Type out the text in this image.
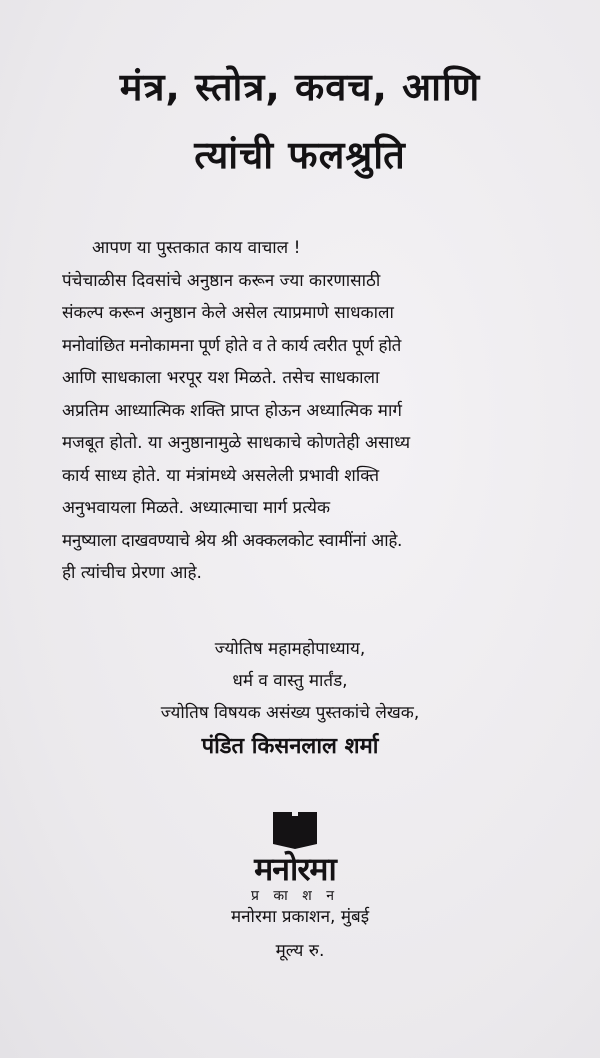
मंत्र, स्तोत्र, कवच, आणि
त्यांची फलश्रुति

आपण या पुस्तकात काय वाचाल !

पंचेचाळीस दिवसांचे अनुष्ठान करून ज्या कारणासाठी

संकल्प करून अनुष्ठान केले असेल त्याप्रमाणे साधकाला

मनोवांछित मनोकामना पूर्ण होते व ते कार्य त्वरीत पूर्ण होते

आणि साधकाला भरपूर यश मिळते. तसेच साधकाला

अप्रतिम आध्यात्मिक शक्ति प्राप्त होऊन अध्यात्मिक मार्ग

मजबूत होतो. या अनुष्ठानामुळे साधकाचे कोणतेही असाध्य

कार्य साध्य होते. या मंत्रांमध्ये असलेली प्रभावी शक्ति

अनुभवायला मिळते. अध्यात्माचा मार्ग प्रत्येक

मनुष्याला दाखवण्याचे श्रेय श्री अक्कलकोट स्वामींनां आहे.

ही त्यांचीच प्रेरणा आहे.

ज्योतिष महामहोपाध्याय,
धर्म व वास्तु मार्तंड,
ज्योतिष विषयक असंख्य पुस्तकांचे लेखक,
पंडित किसनलाल शर्मा
मनोरमा
प्र का श न
मनोरमा प्रकाशन, मुंबई
मूल्य रु.
